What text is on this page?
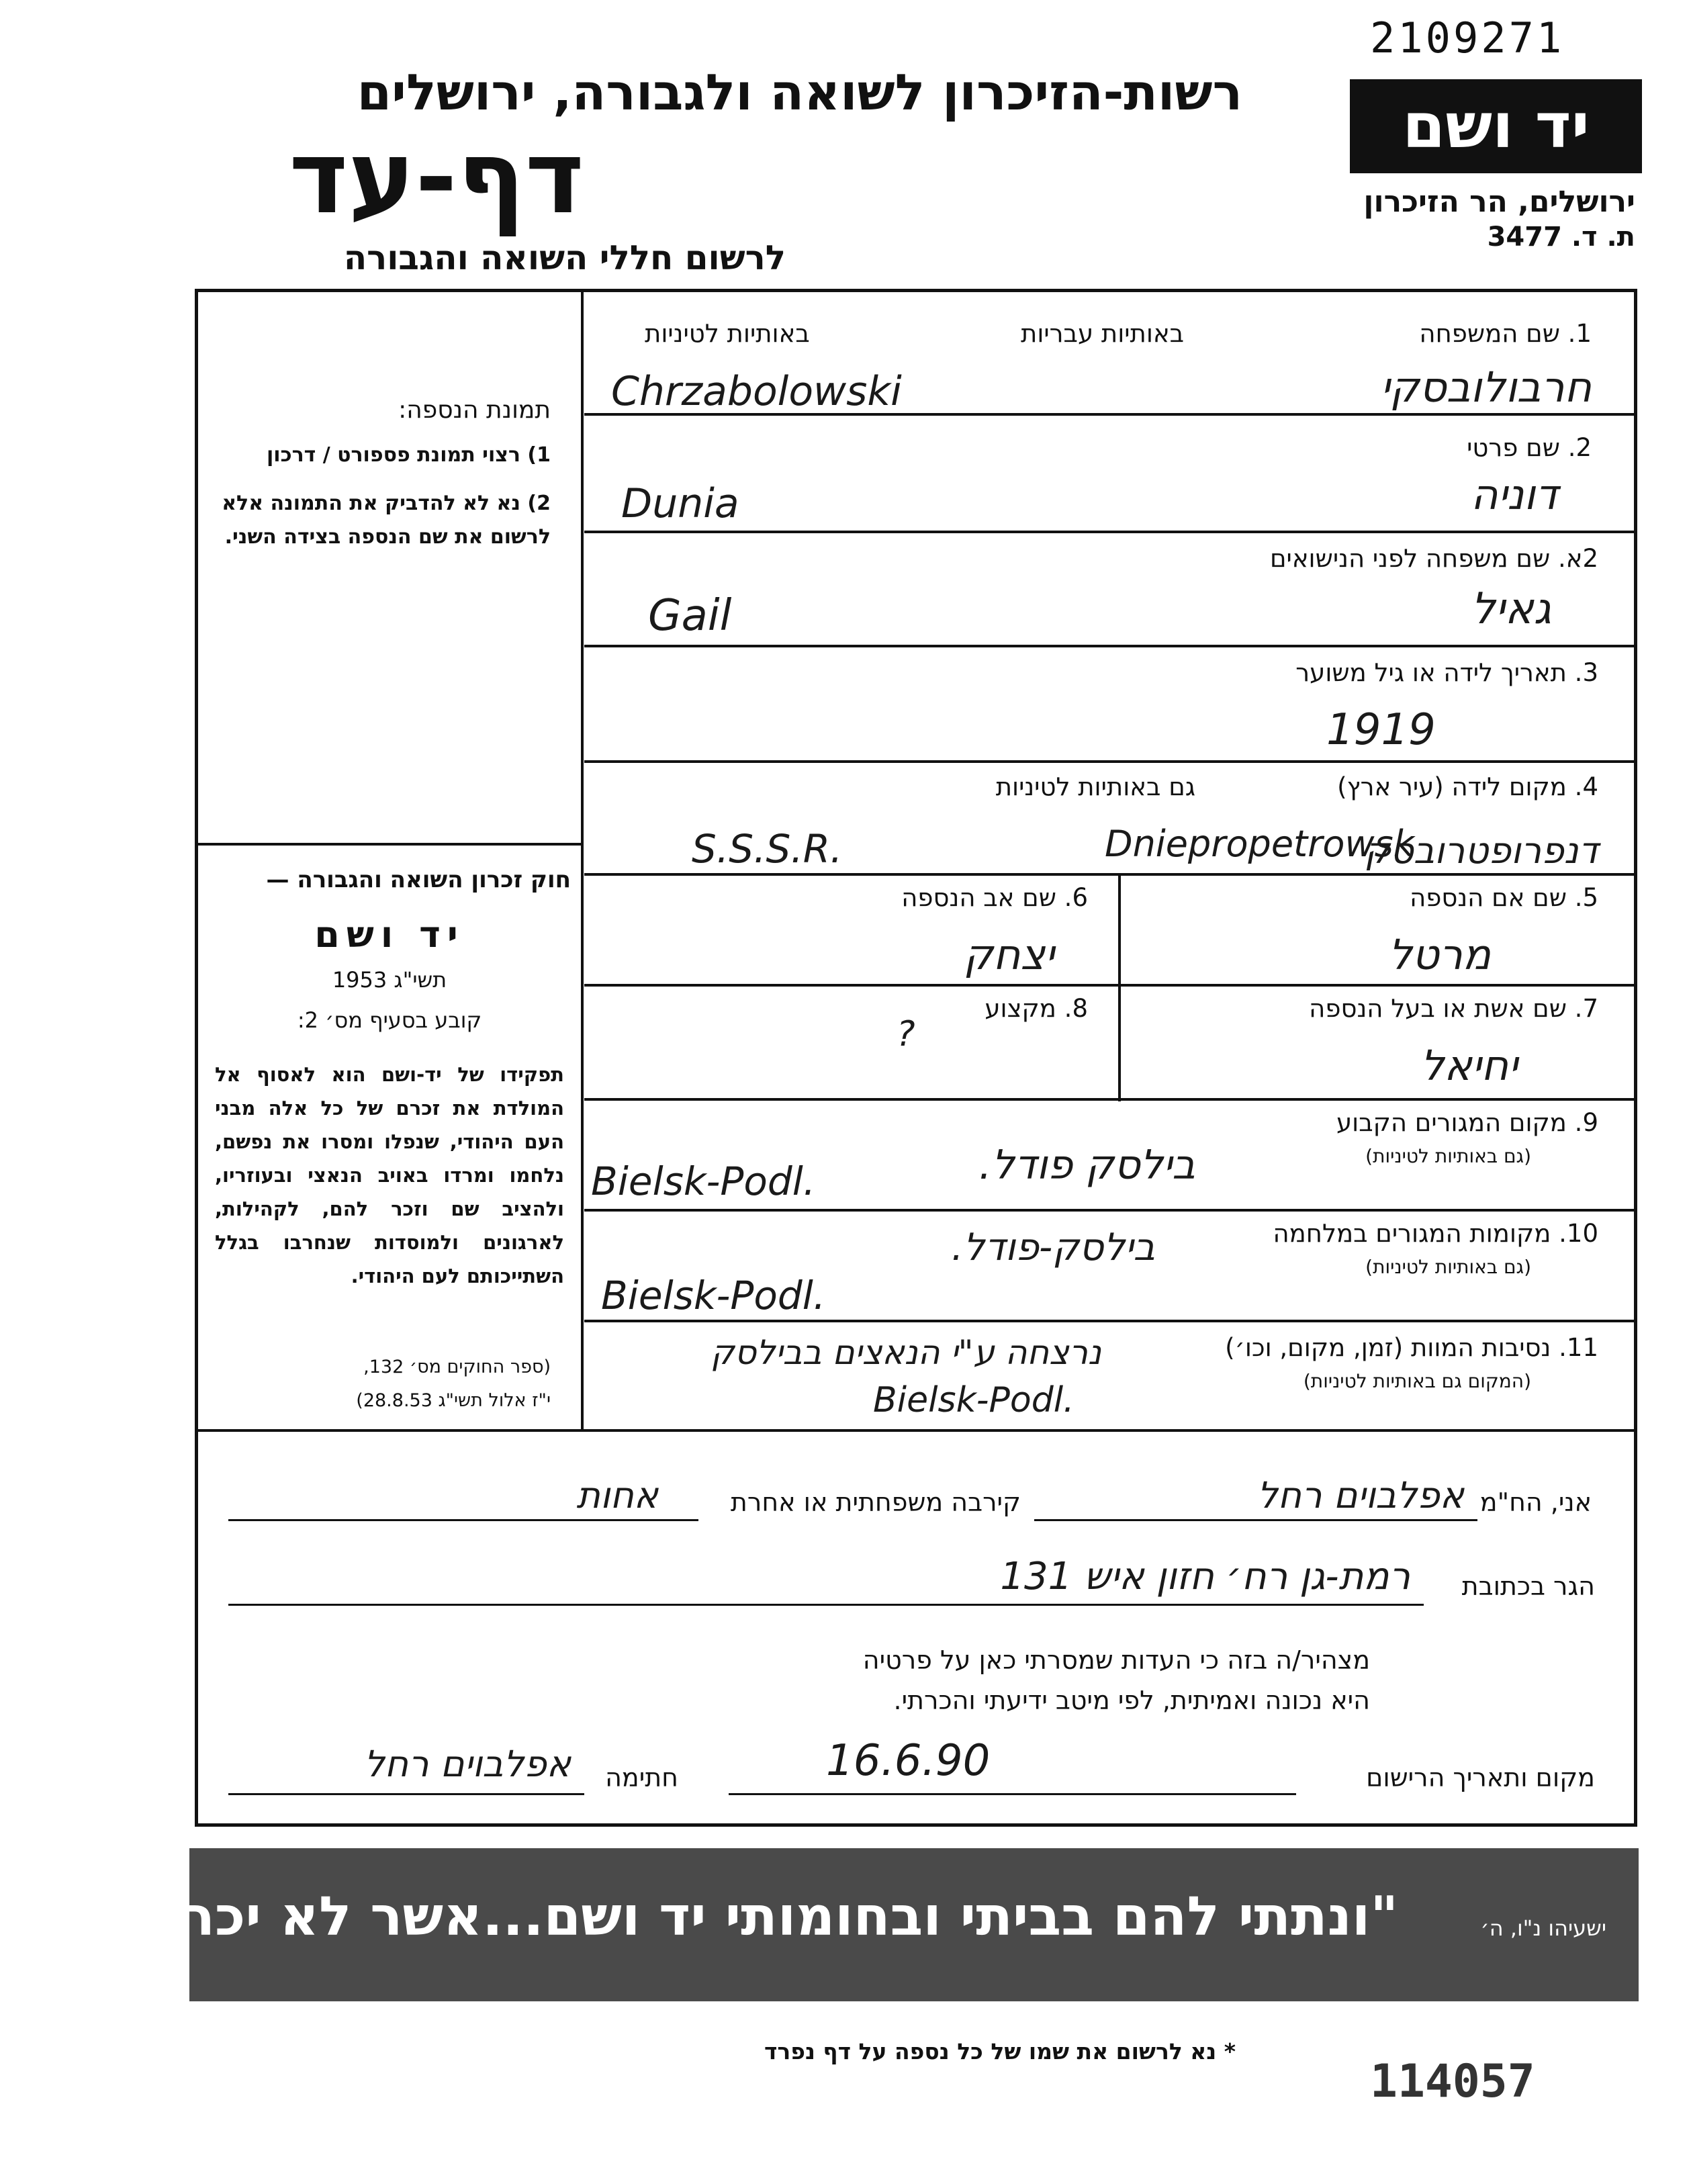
2109271
רשות-הזיכרון לשואה ולגבורה, ירושלים
דף-עד
לרשום חללי השואה והגבורה
יד ושם
ירושלים, הר הזיכרון
ת. ד. 3477
תמונת הנספה:
1) רצוי תמונת פספורט / דרכון
2) נא לא להדביק את התמונה אלא לרשום את שם הנספה בצידה השני.
חוק זכרון השואה והגבורה —
יד ושם
תשי"ג 1953
קובע בסעיף מס׳ 2:
תפקידו של יד-ושם הוא לאסוף אל המולדת את זכרם של כל אלה מבני העם היהודי, שנפלו ומסרו את נפשם, נלחמו ומרדו באויב הנאצי ובעוזריו, ולהציב שם וזכר להם, לקהילות, לארגונים ולמוסדות שנחרבו בגלל השתייכותם לעם היהודי.
(ספר החוקים מס׳ 132,
י"ז אלול תשי"ג 28.8.53)
באותיות לטיניות	באותיות עבריות	1. שם המשפחה
Chrzabolowski	חרבולובסקי
2. שם פרטי
Dunia	דוניה
2א. שם משפחה לפני הנישואים
Gail	גאיל
3. תאריך לידה או גיל משוער
1919
4. מקום לידה (עיר ארץ)
גם באותיות לטיניות
S.S.S.R.	Dniepropetrowsk
דנפרופטרובסק
5. שם אם הנספה
מרטל
6. שם אב הנספה
יצחק
7. שם אשת או בעל הנספה
יחיאל
8. מקצוע
?
9. מקום המגורים הקבוע
(גם באותיות לטיניות)
Bielsk-Podl.	בילסק פודל.
10. מקומות המגורים במלחמה
(גם באותיות לטיניות)
Bielsk-Podl.
בילסק-פודל.
11. נסיבות המוות (זמן, מקום, וכו׳)
(המקום גם באותיות לטיניות)
נרצחה ע"י הנאצים בבילסק
Bielsk-Podl.
אני, הח"מ
אפלבוים רחל
קירבה משפחתית או אחרת
אחות
הגר בכתובת
רמת-גן רח׳ חזון איש 131
מצהיר/ה בזה כי העדות שמסרתי כאן על פרטיה
היא נכונה ואמיתית, לפי מיטב ידיעתי והכרתי.
מקום ותאריך הרישום
16.6.90
חתימה
אפלבוים רחל
"ונתתי להם בביתי ובחומותי יד ושם...אשר לא יכרת"	ישעיהו נ"ו, ה׳
* נא לרשום את שמו של כל נספה על דף נפרד
114057
